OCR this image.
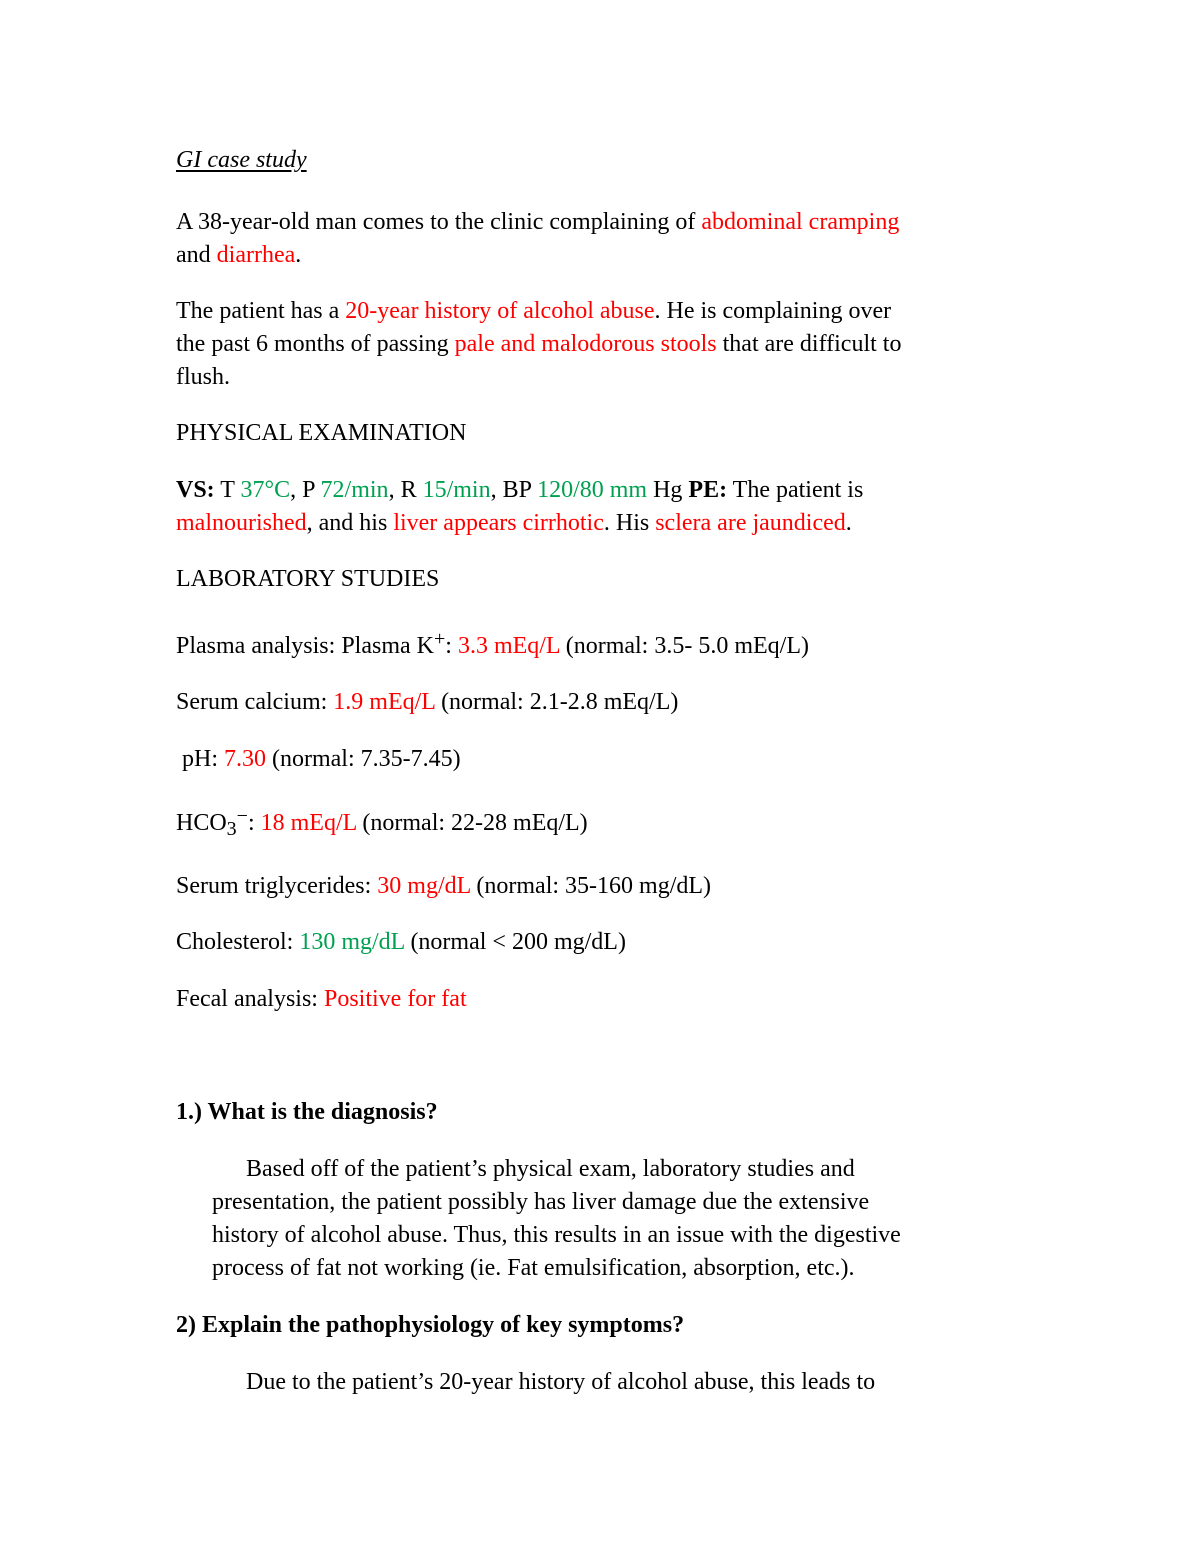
GI case study
A 38-year-old man comes to the clinic complaining of abdominal cramping
and diarrhea.
The patient has a 20-year history of alcohol abuse. He is complaining over
the past 6 months of passing pale and malodorous stools that are difficult to
flush.
PHYSICAL EXAMINATION
VS: T 37°C, P 72/min, R 15/min, BP 120/80 mm Hg PE: The patient is
malnourished, and his liver appears cirrhotic. His sclera are jaundiced.
LABORATORY STUDIES
Plasma analysis: Plasma K+: 3.3 mEq/L (normal: 3.5- 5.0 mEq/L)
Serum calcium: 1.9 mEq/L (normal: 2.1-2.8 mEq/L)
pH: 7.30 (normal: 7.35-7.45)
$HCO_3^-$: 18 mEq/L (normal: 22-28 mEq/L)
Serum triglycerides: 30 mg/dL (normal: 35-160 mg/dL)
Cholesterol: 130 mg/dL (normal < 200 mg/dL)
Fecal analysis: Positive for fat
1.) What is the diagnosis?
Based off of the patient’s physical exam, laboratory studies and
presentation, the patient possibly has liver damage due the extensive
history of alcohol abuse. Thus, this results in an issue with the digestive
process of fat not working (ie. Fat emulsification, absorption, etc.).
2) Explain the pathophysiology of key symptoms?
Due to the patient’s 20-year history of alcohol abuse, this leads to
